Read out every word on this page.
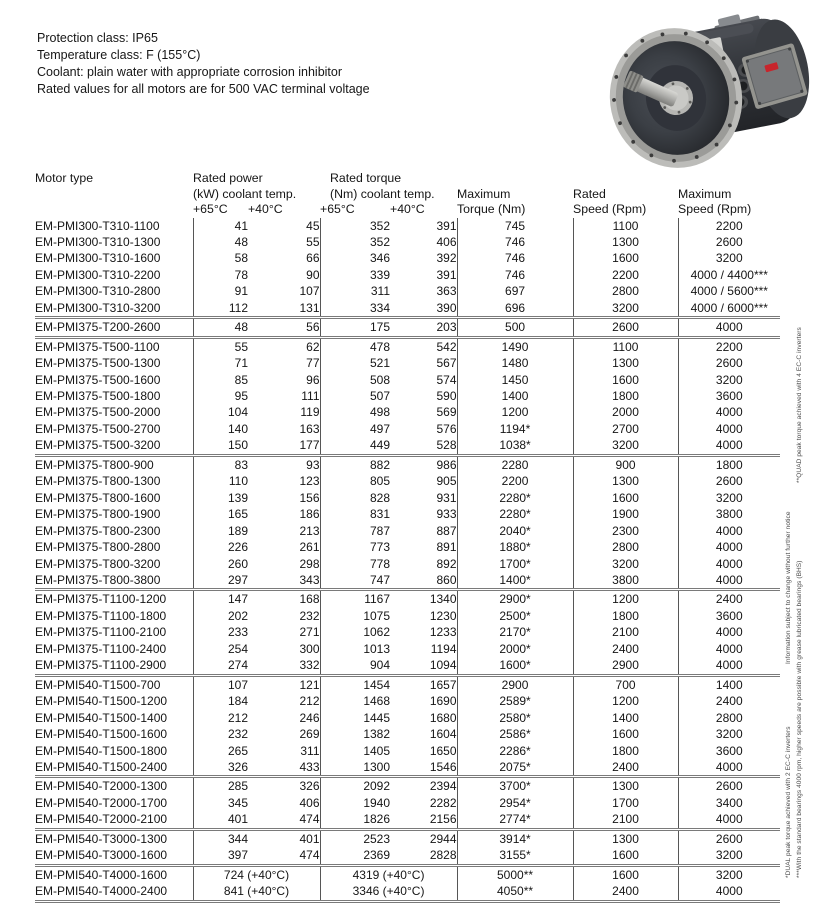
Protection class: IP65
Temperature class: F (155°C)
Coolant: plain water with appropriate corrosion inhibitor
Rated values for all motors are for 500 VAC terminal voltage
Motor type	Rated power		Rated torque				
	(kW) coolant temp.		(Nm) coolant temp.		Maximum	Rated	Maximum
	+65°C	+40°C	+65°C	+40°C	Torque (Nm)	Speed (Rpm)	Speed (Rpm)
EM-PMI300-T310-1100	41	45	352	391	745	1100	2200
EM-PMI300-T310-1300	48	55	352	406	746	1300	2600
EM-PMI300-T310-1600	58	66	346	392	746	1600	3200
EM-PMI300-T310-2200	78	90	339	391	746	2200	4000 / 4400***
EM-PMI300-T310-2800	91	107	311	363	697	2800	4000 / 5600***
EM-PMI300-T310-3200	112	131	334	390	696	3200	4000 / 6000***
EM-PMI375-T200-2600	48	56	175	203	500	2600	4000
EM-PMI375-T500-1100	55	62	478	542	1490	1100	2200
EM-PMI375-T500-1300	71	77	521	567	1480	1300	2600
EM-PMI375-T500-1600	85	96	508	574	1450	1600	3200
EM-PMI375-T500-1800	95	111	507	590	1400	1800	3600
EM-PMI375-T500-2000	104	119	498	569	1200	2000	4000
EM-PMI375-T500-2700	140	163	497	576	1194*	2700	4000
EM-PMI375-T500-3200	150	177	449	528	1038*	3200	4000
EM-PMI375-T800-900	83	93	882	986	2280	900	1800
EM-PMI375-T800-1300	110	123	805	905	2200	1300	2600
EM-PMI375-T800-1600	139	156	828	931	2280*	1600	3200
EM-PMI375-T800-1900	165	186	831	933	2280*	1900	3800
EM-PMI375-T800-2300	189	213	787	887	2040*	2300	4000
EM-PMI375-T800-2800	226	261	773	891	1880*	2800	4000
EM-PMI375-T800-3200	260	298	778	892	1700*	3200	4000
EM-PMI375-T800-3800	297	343	747	860	1400*	3800	4000
EM-PMI375-T1100-1200	147	168	1167	1340	2900*	1200	2400
EM-PMI375-T1100-1800	202	232	1075	1230	2500*	1800	3600
EM-PMI375-T1100-2100	233	271	1062	1233	2170*	2100	4000
EM-PMI375-T1100-2400	254	300	1013	1194	2000*	2400	4000
EM-PMI375-T1100-2900	274	332	904	1094	1600*	2900	4000
EM-PMI540-T1500-700	107	121	1454	1657	2900	700	1400
EM-PMI540-T1500-1200	184	212	1468	1690	2589*	1200	2400
EM-PMI540-T1500-1400	212	246	1445	1680	2580*	1400	2800
EM-PMI540-T1500-1600	232	269	1382	1604	2586*	1600	3200
EM-PMI540-T1500-1800	265	311	1405	1650	2286*	1800	3600
EM-PMI540-T1500-2400	326	433	1300	1546	2075*	2400	4000
EM-PMI540-T2000-1300	285	326	2092	2394	3700*	1300	2600
EM-PMI540-T2000-1700	345	406	1940	2282	2954*	1700	3400
EM-PMI540-T2000-2100	401	474	1826	2156	2774*	2100	4000
EM-PMI540-T3000-1300	344	401	2523	2944	3914*	1300	2600
EM-PMI540-T3000-1600	397	474	2369	2828	3155*	1600	3200
EM-PMI540-T4000-1600	724 (+40°C)		4319 (+40°C)		5000**	1600	3200
EM-PMI540-T4000-2400	841 (+40°C)		3346 (+40°C)		4050**	2400	4000
**QUAD peak torque achieved with 4 EC-C inverters
Information subject to change without further notice ***With the standard bearings 4000 rpm, higher speeds are possible with grease lubricated bearings (BHS)
*DUAL peak torque achieved with 2 EC-C inverters
